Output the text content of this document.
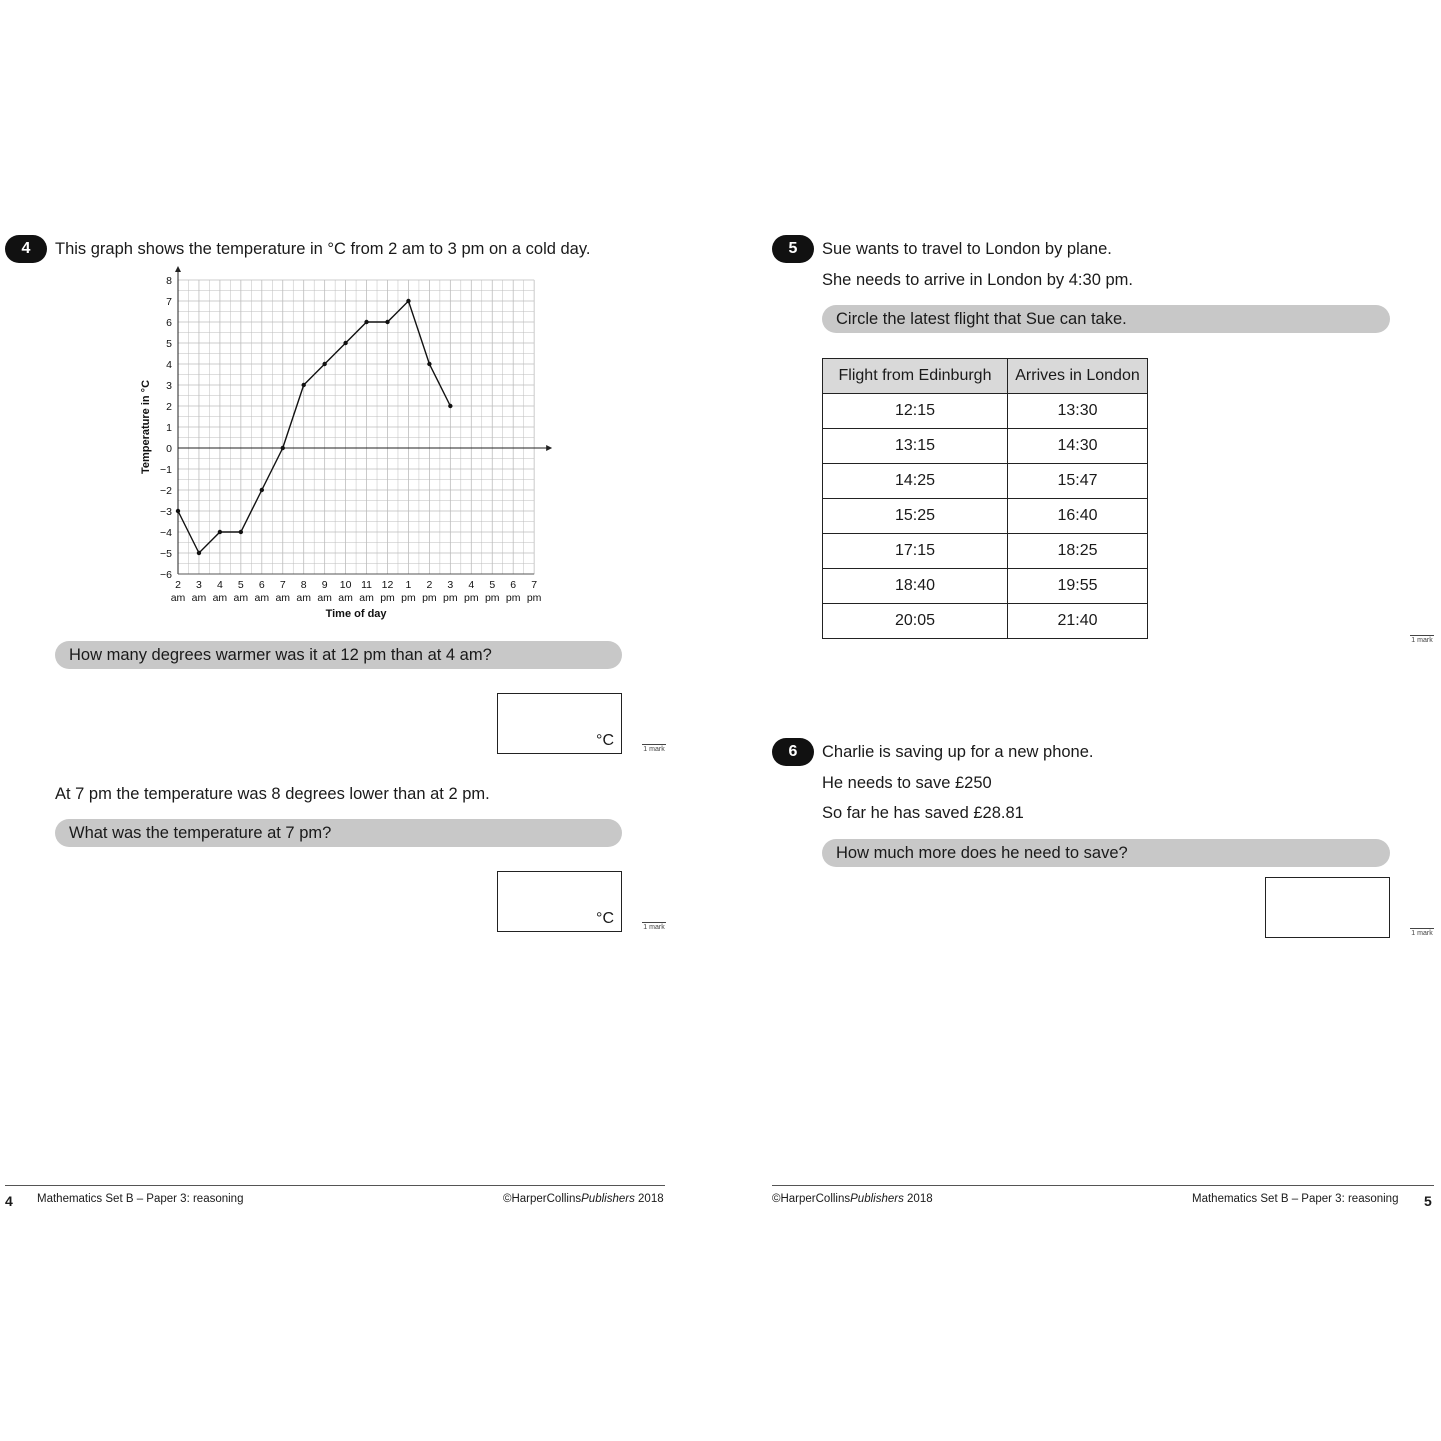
4 This graph shows the temperature in °C from 2 am to 3 pm on a cold day.
8
7
6
5
4
3
2
1
0
−1
−2
−3
−4
−5
−6
2
am
3
am
4
am
5
am
6
am
7
am
8
am
9
am
10
am
11
am
12
pm
1
pm
2
pm
3
pm
4
pm
5
pm
6
pm
7
pm
Time of day
Temperature in °C
How many degrees warmer was it at 12 pm than at 4 am?
°C
1 mark
At 7 pm the temperature was 8 degrees lower than at 2 pm.
What was the temperature at 7 pm?
°C
1 mark
4 Mathematics Set B – Paper 3: reasoning	©HarperCollinsPublishers 2018
5 Sue wants to travel to London by plane.
She needs to arrive in London by 4:30 pm.
Circle the latest flight that Sue can take.
Flight from Edinburgh	Arrives in London
12:15	13:30
13:15	14:30
14:25	15:47
15:25	16:40
17:15	18:25
18:40	19:55
20:05	21:40
1 mark
6 Charlie is saving up for a new phone.
He needs to save £250
So far he has saved £28.81
How much more does he need to save?
1 mark
©HarperCollinsPublishers 2018	Mathematics Set B – Paper 3: reasoning 5
